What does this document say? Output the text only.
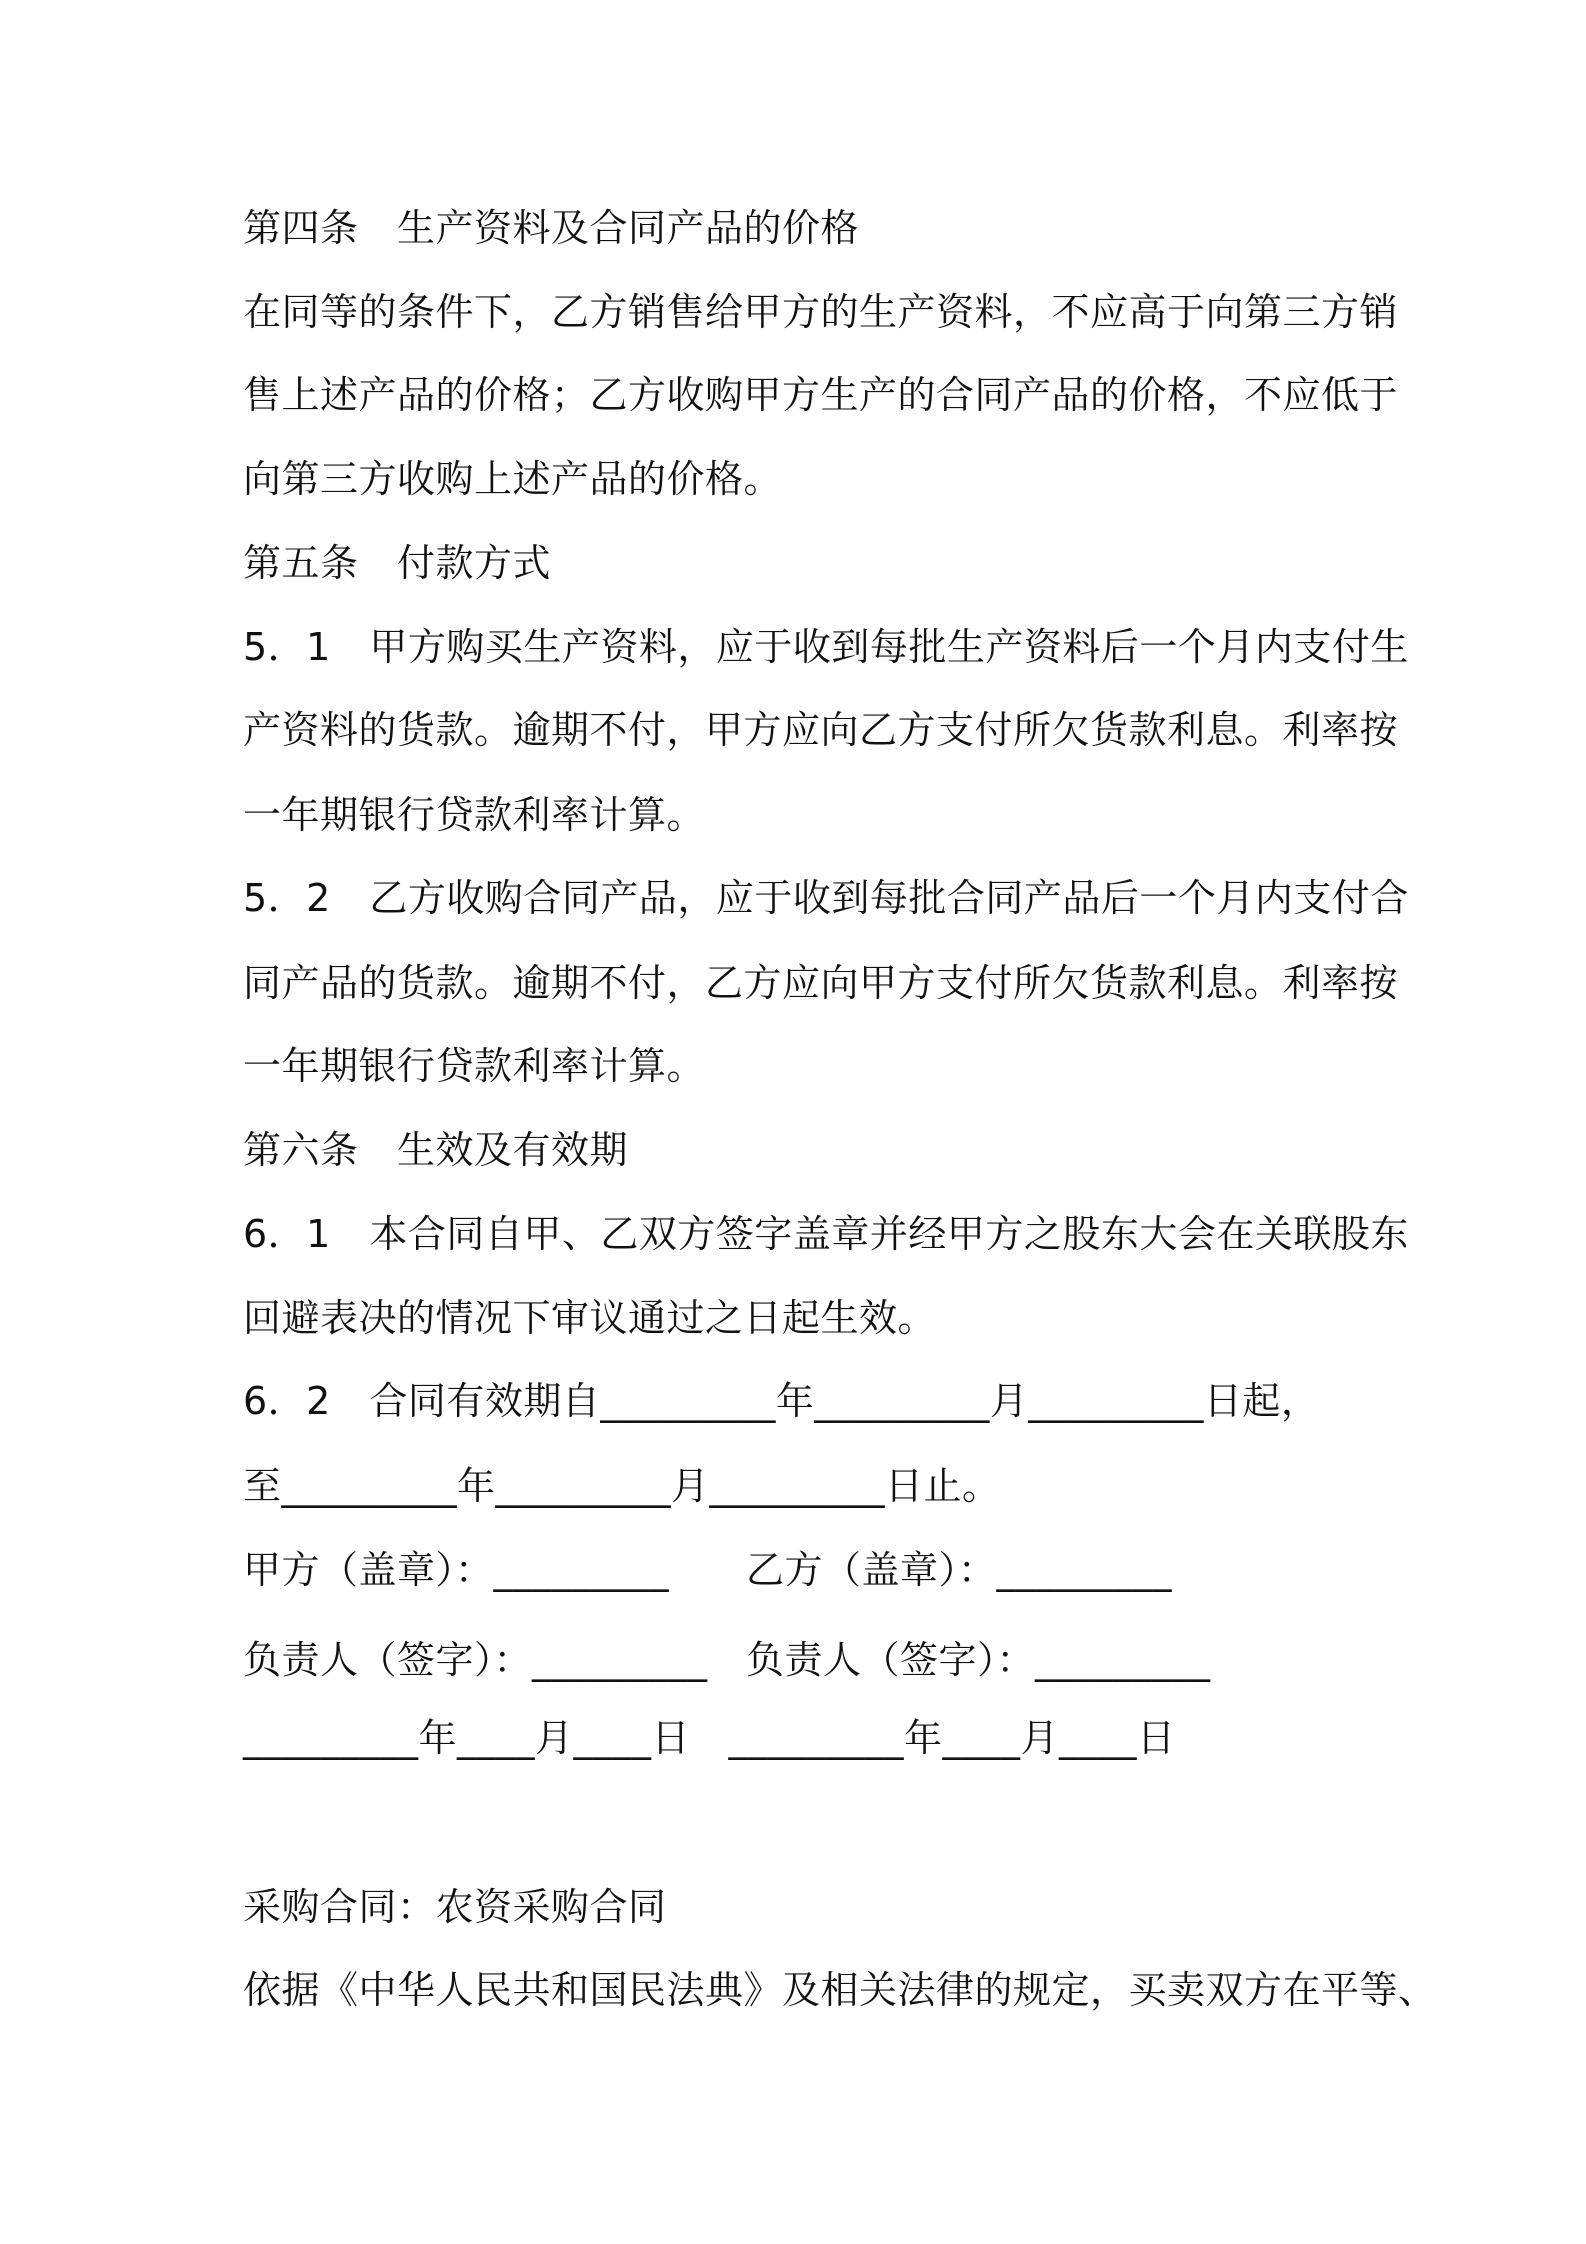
第四条　生产资料及合同产品的价格
在同等的条件下，乙方销售给甲方的生产资料，不应高于向第三方销
售上述产品的价格；乙方收购甲方生产的合同产品的价格，不应低于
向第三方收购上述产品的价格。
第五条　付款方式
5．1　甲方购买生产资料，应于收到每批生产资料后一个月内支付生
产资料的货款。逾期不付，甲方应向乙方支付所欠货款利息。利率按
一年期银行贷款利率计算。
5．2　乙方收购合同产品，应于收到每批合同产品后一个月内支付合
同产品的货款。逾期不付，乙方应向甲方支付所欠货款利息。利率按
一年期银行贷款利率计算。
第六条　生效及有效期
6．1　本合同自甲、乙双方签字盖章并经甲方之股东大会在关联股东
回避表决的情况下审议通过之日起生效。
6．2　合同有效期自_________年_________月_________日起，
至_________年_________月_________日止。
甲方（盖章）：_________　　乙方（盖章）：_________
负责人（签字）：_________　负责人（签字）：_________
_________年____月____日　_________年____月____日
采购合同：农资采购合同
依据《中华人民共和国民法典》及相关法律的规定，买卖双方在平等、
